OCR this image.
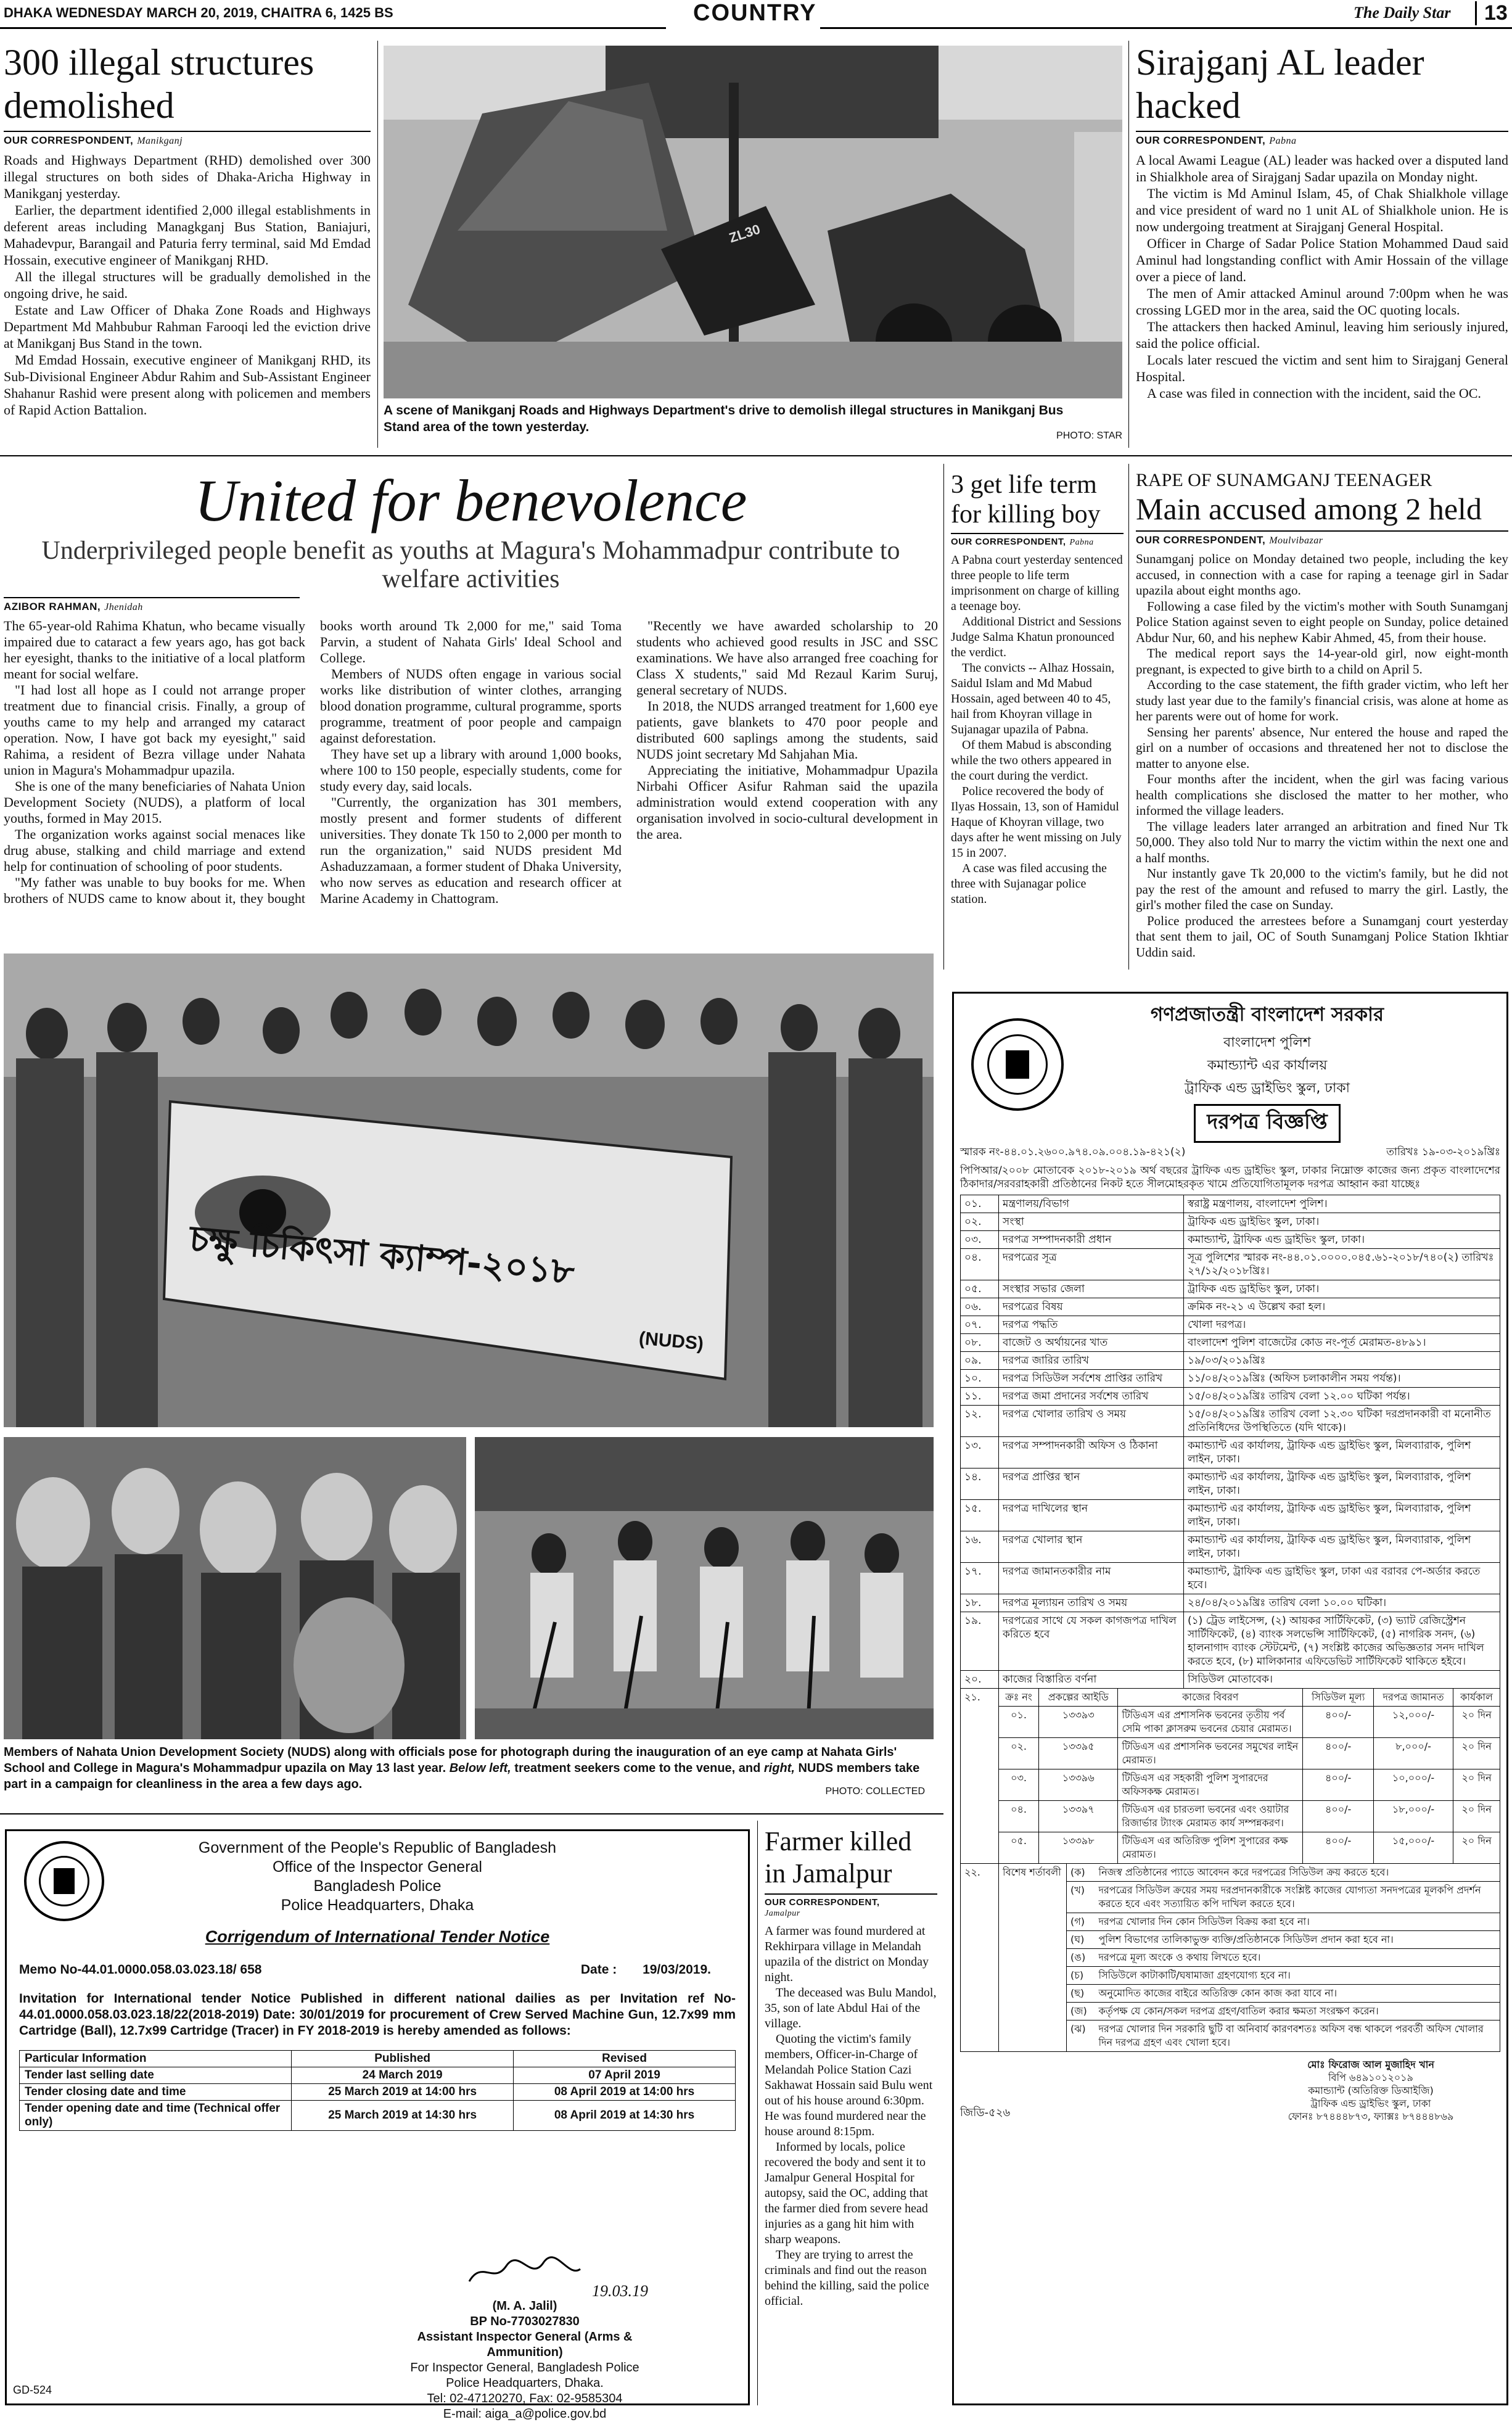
DHAKA WEDNESDAY MARCH 20, 2019, CHAITRA 6, 1425 BS	COUNTRY	The Daily Star	13
300 illegal structures demolished
OUR CORRESPONDENT, Manikganj

Roads and Highways Department (RHD) demolished over 300 illegal structures on both sides of Dhaka-Aricha Highway in Manikganj yesterday.

Earlier, the department identified 2,000 illegal establishments in deferent areas including Managkganj Bus Station, Baniajuri, Mahadevpur, Barangail and Paturia ferry terminal, said Md Emdad Hossain, executive engineer of Manikganj RHD.

All the illegal structures will be gradually demolished in the ongoing drive, he said.

Estate and Law Officer of Dhaka Zone Roads and Highways Department Md Mahbubur Rahman Farooqi led the eviction drive at Manikganj Bus Stand in the town.

Md Emdad Hossain, executive engineer of Manikganj RHD, its Sub-Divisional Engineer Abdur Rahim and Sub-Assistant Engineer Shahanur Rashid were present along with policemen and members of Rapid Action Battalion.

ZL30
A scene of Manikganj Roads and Highways Department's drive to demolish illegal structures in Manikganj Bus Stand area of the town yesterday.
PHOTO: STAR
Sirajganj AL leader hacked
OUR CORRESPONDENT, Pabna

A local Awami League (AL) leader was hacked over a disputed land in Shialkhole area of Sirajganj Sadar upazila on Monday night.

The victim is Md Aminul Islam, 45, of Chak Shialkhole village and vice president of ward no 1 unit AL of Shialkhole union. He is now undergoing treatment at Sirajganj General Hospital.

Officer in Charge of Sadar Police Station Mohammed Daud said Aminul had longstanding conflict with Amir Hossain of the village over a piece of land.

The men of Amir attacked Aminul around 7:00pm when he was crossing LGED mor in the area, said the OC quoting locals.

The attackers then hacked Aminul, leaving him seriously injured, said the police official.

Locals later rescued the victim and sent him to Sirajganj General Hospital.

A case was filed in connection with the incident, said the OC.

United for benevolence
Underprivileged people benefit as youths at Magura's Mohammadpur contribute to welfare activities
AZIBOR RAHMAN, Jhenidah

The 65-year-old Rahima Khatun, who became visually impaired due to cataract a few years ago, has got back her eyesight, thanks to the initiative of a local platform meant for social welfare.

"I had lost all hope as I could not arrange proper treatment due to financial crisis. Finally, a group of youths came to my help and arranged my cataract operation. Now, I have got back my eyesight," said Rahima, a resident of Bezra village under Nahata union in Magura's Mohammadpur upazila.

She is one of the many beneficiaries of Nahata Union Development Society (NUDS), a platform of local youths, formed in May 2015.

The organization works against social menaces like drug abuse, stalking and child marriage and extend help for continuation of schooling of poor students.

"My father was unable to buy books for me. When brothers of NUDS came to know about it, they bought books worth around Tk 2,000 for me," said Toma Parvin, a student of Nahata Girls' Ideal School and College.

Members of NUDS often engage in various social works like distribution of winter clothes, arranging blood donation programme, cultural programme, sports programme, treatment of poor people and campaign against deforestation.

They have set up a library with around 1,000 books, where 100 to 150 people, especially students, come for study every day, said locals.

"Currently, the organization has 301 members, mostly present and former students of different universities. They donate Tk 150 to 2,000 per month to run the organization," said NUDS president Md Ashaduzzamaan, a former student of Dhaka University, who now serves as education and research officer at Marine Academy in Chattogram.

"Recently we have awarded scholarship to 20 students who achieved good results in JSC and SSC examinations. We have also arranged free coaching for Class X students," said Md Rezaul Karim Suruj, general secretary of NUDS.

In 2018, the NUDS arranged treatment for 1,600 eye patients, gave blankets to 470 poor people and distributed 600 saplings among the students, said NUDS joint secretary Md Sahjahan Mia.

Appreciating the initiative, Mohammadpur Upazila Nirbahi Officer Asifur Rahman said the upazila administration would extend cooperation with any organisation involved in socio-cultural development in the area.

চক্ষু চিকিৎসা ক্যাম্প-২০১৮
(NUDS)
Members of Nahata Union Development Society (NUDS) along with officials pose for photograph during the inauguration of an eye camp at Nahata Girls' School and College in Magura's Mohammadpur upazila on May 13 last year. Below left, treatment seekers come to the venue, and right, NUDS members take part in a campaign for cleanliness in the area a few days ago.
PHOTO: COLLECTED
3 get life term for killing boy
OUR CORRESPONDENT, Pabna

A Pabna court yesterday sentenced three people to life term imprisonment on charge of killing a teenage boy.

Additional District and Sessions Judge Salma Khatun pronounced the verdict.

The convicts -- Alhaz Hossain, Saidul Islam and Md Mabud Hossain, aged between 40 to 45, hail from Khoyran village in Sujanagar upazila of Pabna.

Of them Mabud is absconding while the two others appeared in the court during the verdict.

Police recovered the body of Ilyas Hossain, 13, son of Hamidul Haque of Khoyran village, two days after he went missing on July 15 in 2007.

A case was filed accusing the three with Sujanagar police station.

RAPE OF SUNAMGANJ TEENAGER
Main accused among 2 held
OUR CORRESPONDENT, Moulvibazar

Sunamganj police on Monday detained two people, including the key accused, in connection with a case for raping a teenage girl in Sadar upazila about eight months ago.

Following a case filed by the victim's mother with South Sunamganj Police Station against seven to eight people on Sunday, police detained Abdur Nur, 60, and his nephew Kabir Ahmed, 45, from their house.

The medical report says the 14-year-old girl, now eight-month pregnant, is expected to give birth to a child on April 5.

According to the case statement, the fifth grader victim, who left her study last year due to the family's financial crisis, was alone at home as her parents were out of home for work.

Sensing her parents' absence, Nur entered the house and raped the girl on a number of occasions and threatened her not to disclose the matter to anyone else.

Four months after the incident, when the girl was facing various health complications she disclosed the matter to her mother, who informed the village leaders.

The village leaders later arranged an arbitration and fined Nur Tk 50,000. They also told Nur to marry the victim within the next one and a half months.

Nur instantly gave Tk 20,000 to the victim's family, but he did not pay the rest of the amount and refused to marry the girl. Lastly, the girl's mother filed the case on Sunday.

Police produced the arrestees before a Sunamganj court yesterday that sent them to jail, OC of South Sunamganj Police Station Ikhtiar Uddin said.

গণপ্রজাতন্ত্রী বাংলাদেশ সরকার
বাংলাদেশ পুলিশ
কমান্ড্যান্ট এর কার্যালয়
ট্রাফিক এন্ড ড্রাইভিং স্কুল, ঢাকা
দরপত্র বিজ্ঞপ্তি
স্মারক নং-৪৪.০১.২৬০০.৯৭৪.০৯.০০৪.১৯-৪২১(২)	তারিখঃ ১৯-০৩-২০১৯খ্রিঃ
পিপিআর/২০০৮ মোতাবেক ২০১৮-২০১৯ অর্থ বছরের ট্রাফিক এন্ড ড্রাইভিং স্কুল, ঢাকার নিম্নোক্ত কাজের জন্য প্রকৃত বাংলাদেশের ঠিকাদার/সরবরাহকারী প্রতিষ্ঠানের নিকট হতে সীলমোহরকৃত খামে প্রতিযোগিতামূলক দরপত্র আহ্বান করা যাচ্ছেঃ
০১.	মন্ত্রণালয়/বিভাগ	স্বরাষ্ট্র মন্ত্রণালয়, বাংলাদেশ পুলিশ।
০২.	সংস্থা	ট্রাফিক এন্ড ড্রাইভিং স্কুল, ঢাকা।
০৩.	দরপত্র সম্পাদনকারী প্রধান	কমান্ড্যান্ট, ট্রাফিক এন্ড ড্রাইভিং স্কুল, ঢাকা।
০৪.	দরপত্রের সূত্র	সূত্র পুলিশের স্মারক নং-৪৪.০১.০০০০.০৪৫.৬১-২০১৮/৭৪০(২) তারিখঃ ২৭/১২/২০১৮খ্রিঃ।
০৫.	সংস্থার সভার জেলা	ট্রাফিক এন্ড ড্রাইভিং স্কুল, ঢাকা।
০৬.	দরপত্রের বিষয়	ক্রমিক নং-২১ এ উল্লেখ করা হল।
০৭.	দরপত্র পদ্ধতি	খোলা দরপত্র।
০৮.	বাজেট ও অর্থায়নের খাত	বাংলাদেশ পুলিশ বাজেটের কোড নং-পূর্ত মেরামত-৪৮৯১।
০৯.	দরপত্র জারির তারিখ	১৯/০৩/২০১৯খ্রিঃ
১০.	দরপত্র সিডিউল সর্বশেষ প্রাপ্তির তারিখ	১১/০৪/২০১৯খ্রিঃ (অফিস চলাকালীন সময় পর্যন্ত)।
১১.	দরপত্র জমা প্রদানের সর্বশেষ তারিখ	১৫/০৪/২০১৯খ্রিঃ তারিখ বেলা ১২.০০ ঘটিকা পর্যন্ত।
১২.	দরপত্র খোলার তারিখ ও সময়	১৫/০৪/২০১৯খ্রিঃ তারিখ বেলা ১২.৩০ ঘটিকা দরপ্রদানকারী বা মনোনীত প্রতিনিধিদের উপস্থিতিতে (যদি থাকে)।
১৩.	দরপত্র সম্পাদনকারী অফিস ও ঠিকানা	কমান্ড্যান্ট এর কার্যালয়, ট্রাফিক এন্ড ড্রাইভিং স্কুল, মিলব্যারাক, পুলিশ লাইন, ঢাকা।
১৪.	দরপত্র প্রাপ্তির স্থান	কমান্ড্যান্ট এর কার্যালয়, ট্রাফিক এন্ড ড্রাইভিং স্কুল, মিলব্যারাক, পুলিশ লাইন, ঢাকা।
১৫.	দরপত্র দাখিলের স্থান	কমান্ড্যান্ট এর কার্যালয়, ট্রাফিক এন্ড ড্রাইভিং স্কুল, মিলব্যারাক, পুলিশ লাইন, ঢাকা।
১৬.	দরপত্র খোলার স্থান	কমান্ড্যান্ট এর কার্যালয়, ট্রাফিক এন্ড ড্রাইভিং স্কুল, মিলব্যারাক, পুলিশ লাইন, ঢাকা।
১৭.	দরপত্র জামানতকারীর নাম	কমান্ড্যান্ট, ট্রাফিক এন্ড ড্রাইভিং স্কুল, ঢাকা এর বরাবর পে-অর্ডার করতে হবে।
১৮.	দরপত্র মূল্যায়ন তারিখ ও সময়	২৪/০৪/২০১৯খ্রিঃ তারিখ বেলা ১০.০০ ঘটিকা।
১৯.	দরপত্রের সাথে যে সকল কাগজপত্র দাখিল করিতে হবে	(১) ট্রেড লাইসেন্স, (২) আয়কর সার্টিফিকেট, (৩) ভ্যাট রেজিস্ট্রেশন সার্টিফিকেট, (৪) ব্যাংক সলভেন্সি সার্টিফিকেট, (৫) নাগরিক সনদ, (৬) হালনাগাদ ব্যাংক স্টেটমেন্ট, (৭) সংশ্লিষ্ট কাজের অভিজ্ঞতার সনদ দাখিল করতে হবে, (৮) মালিকানার এফিডেভিট সার্টিফিকেট থাকিতে হইবে।
২০.	কাজের বিস্তারিত বর্ণনা	সিডিউল মোতাবেক।
২১.	ক্রঃ নং	প্রকল্পের আইডি	কাজের বিবরণ	সিডিউল মূল্য	দরপত্র জামানত	কার্যকাল
	০১.	১৩৩৯৩	টিডিএস এর প্রশাসনিক ভবনের তৃতীয় পর্ব সেমি পাকা ক্লাসরুম ভবনের চেয়ার মেরামত।	৪০০/-	১২,০০০/-	২০ দিন
	০২.	১৩৩৯৫	টিডিএস এর প্রশাসনিক ভবনের সমুখের লাইন মেরামত।	৪০০/-	৮,০০০/-	২০ দিন
	০৩.	১৩৩৯৬	টিডিএস এর সহকারী পুলিশ সুপারদের অফিসকক্ষ মেরামত।	৪০০/-	১০,০০০/-	২০ দিন
	০৪.	১৩৩৯৭	টিডিএস এর চারতলা ভবনের এবং ওয়াটার রিজার্ভার ট্যাংক মেরামত কার্য সম্পন্নকরণ।	৪০০/-	১৮,০০০/-	২০ দিন
	০৫.	১৩৩৯৮	টিডিএস এর অতিরিক্ত পুলিশ সুপারের কক্ষ মেরামত।	৪০০/-	১৫,০০০/-	২০ দিন
২২.	বিশেষ শর্তাবলী	(ক)	নিজস্ব প্রতিষ্ঠানের প্যাডে আবেদন করে দরপত্রের সিডিউল ক্রয় করতে হবে।
		(খ)	দরপত্রের সিডিউল ক্রয়ের সময় দরপ্রদানকারীকে সংশ্লিষ্ট কাজের যোগ্যতা সনদপত্রের মূলকপি প্রদর্শন করতে হবে এবং সত্যায়িত কপি দাখিল করতে হবে।
		(গ)	দরপত্র খোলার দিন কোন সিডিউল বিক্রয় করা হবে না।
		(ঘ)	পুলিশ বিভাগের তালিকাভুক্ত ব্যক্তি/প্রতিষ্ঠানকে সিডিউল প্রদান করা হবে না।
		(ঙ)	দরপত্রে মূল্য অংকে ও কথায় লিখতে হবে।
		(চ)	সিডিউলে কাটাকাটি/ঘষামাজা গ্রহণযোগ্য হবে না।
		(ছ)	অনুমোদিত কাজের বাইরে অতিরিক্ত কোন কাজ করা যাবে না।
		(জ)	কর্তৃপক্ষ যে কোন/সকল দরপত্র গ্রহণ/বাতিল করার ক্ষমতা সংরক্ষণ করেন।
		(ঝ)	দরপত্র খোলার দিন সরকারি ছুটি বা অনিবার্য কারণবশতঃ অফিস বন্ধ থাকলে পরবর্তী অফিস খোলার দিন দরপত্র গ্রহণ এবং খোলা হবে।
জিডি-৫২৬
মোঃ ফিরোজ আল মুজাহিদ খান
বিপি ৬৪৯১০১২০১৯
কমান্ড্যান্ট (অতিরিক্ত ডিআইজি)
ট্রাফিক এন্ড ড্রাইভিং স্কুল, ঢাকা
ফোনঃ ৮৭৪৪৪৮৭৩, ফ্যাক্সঃ ৮৭৪৪৪৮৬৯
Government of the People's Republic of Bangladesh
Office of the Inspector General
Bangladesh Police
Police Headquarters, Dhaka
Corrigendum of International Tender Notice
Memo No-44.01.0000.058.03.023.18/ 658	Date : 19/03/2019.
Invitation for International tender Notice Published in different national dailies as per Invitation ref No-44.01.0000.058.03.023.18/22(2018-2019) Date: 30/01/2019 for procurement of Crew Served Machine Gun, 12.7x99 mm Cartridge (Ball), 12.7x99 Cartridge (Tracer) in FY 2018-2019 is hereby amended as follows:
Particular Information	Published	Revised
Tender last selling date	24 March 2019	07 April 2019
Tender closing date and time	25 March 2019 at 14:00 hrs	08 April 2019 at 14:00 hrs
Tender opening date and time (Technical offer only)	25 March 2019 at 14:30 hrs	08 April 2019 at 14:30 hrs
19.03.19
(M. A. Jalil)
BP No-7703027830
Assistant Inspector General (Arms & Ammunition)
For Inspector General, Bangladesh Police
Police Headquarters, Dhaka.
Tel: 02-47120270, Fax: 02-9585304
E-mail: aiga_a@police.gov.bd
GD-524
Farmer killed in Jamalpur
OUR CORRESPONDENT,
Jamalpur

A farmer was found murdered at Rekhirpara village in Melandah upazila of the district on Monday night.

The deceased was Bulu Mandol, 35, son of late Abdul Hai of the village.

Quoting the victim's family members, Officer-in-Charge of Melandah Police Station Cazi Sakhawat Hossain said Bulu went out of his house around 6:30pm. He was found murdered near the house around 8:15pm.

Informed by locals, police recovered the body and sent it to Jamalpur General Hospital for autopsy, said the OC, adding that the farmer died from severe head injuries as a gang hit him with sharp weapons.

They are trying to arrest the criminals and find out the reason behind the killing, said the police official.
